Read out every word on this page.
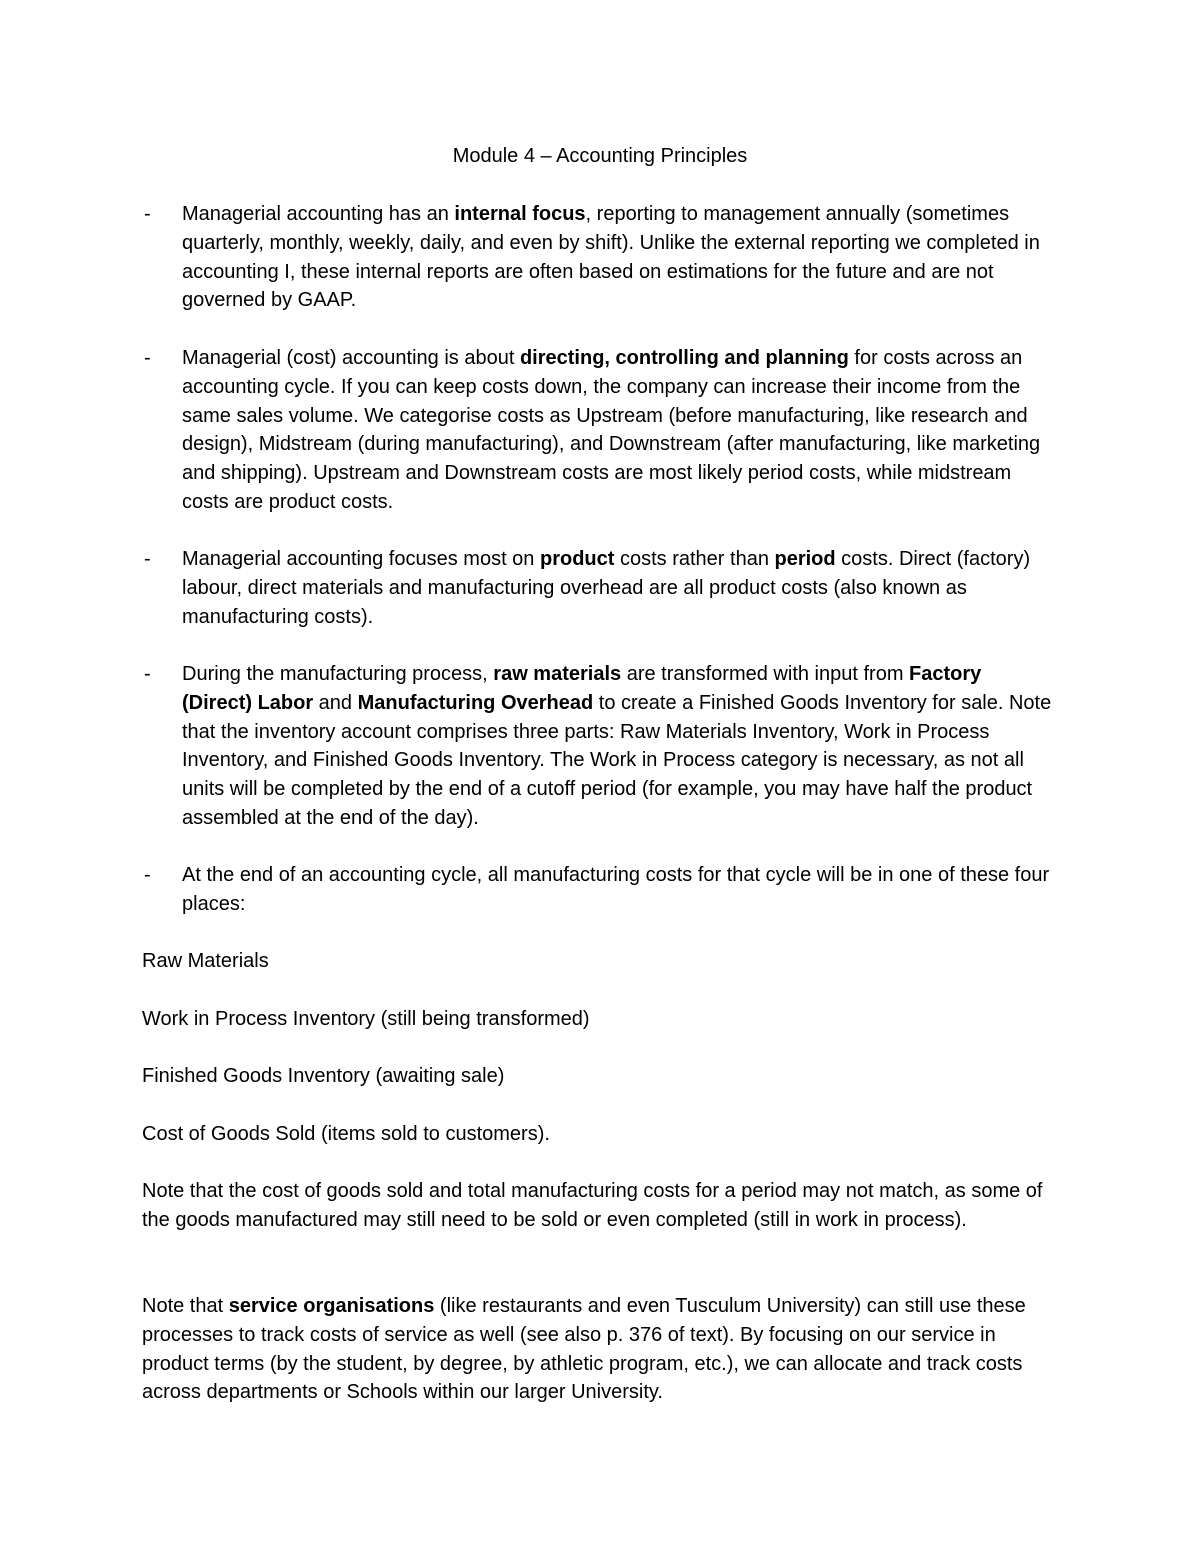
Module 4 – Accounting Principles
-	Managerial accounting has an internal focus, reporting to management annually (sometimes quarterly, monthly, weekly, daily, and even by shift). Unlike the external reporting we completed in accounting I, these internal reports are often based on estimations for the future and are not governed by GAAP.
-	Managerial (cost) accounting is about directing, controlling and planning for costs across an accounting cycle. If you can keep costs down, the company can increase their income from the same sales volume. We categorise costs as Upstream (before manufacturing, like research and design), Midstream (during manufacturing), and Downstream (after manufacturing, like marketing and shipping). Upstream and Downstream costs are most likely period costs, while midstream costs are product costs.
-	Managerial accounting focuses most on product costs rather than period costs. Direct (factory) labour, direct materials and manufacturing overhead are all product costs (also known as manufacturing costs).
-	During the manufacturing process, raw materials are transformed with input from Factory (Direct) Labor and Manufacturing Overhead to create a Finished Goods Inventory for sale. Note that the inventory account comprises three parts: Raw Materials Inventory, Work in Process Inventory, and Finished Goods Inventory. The Work in Process category is necessary, as not all units will be completed by the end of a cutoff period (for example, you may have half the product assembled at the end of the day).
-	At the end of an accounting cycle, all manufacturing costs for that cycle will be in one of these four places:
Raw Materials
Work in Process Inventory (still being transformed)
Finished Goods Inventory (awaiting sale)
Cost of Goods Sold (items sold to customers).
Note that the cost of goods sold and total manufacturing costs for a period may not match, as some of the goods manufactured may still need to be sold or even completed (still in work in process).
Note that service organisations (like restaurants and even Tusculum University) can still use these processes to track costs of service as well (see also p. 376 of text). By focusing on our service in product terms (by the student, by degree, by athletic program, etc.), we can allocate and track costs across departments or Schools within our larger University.
